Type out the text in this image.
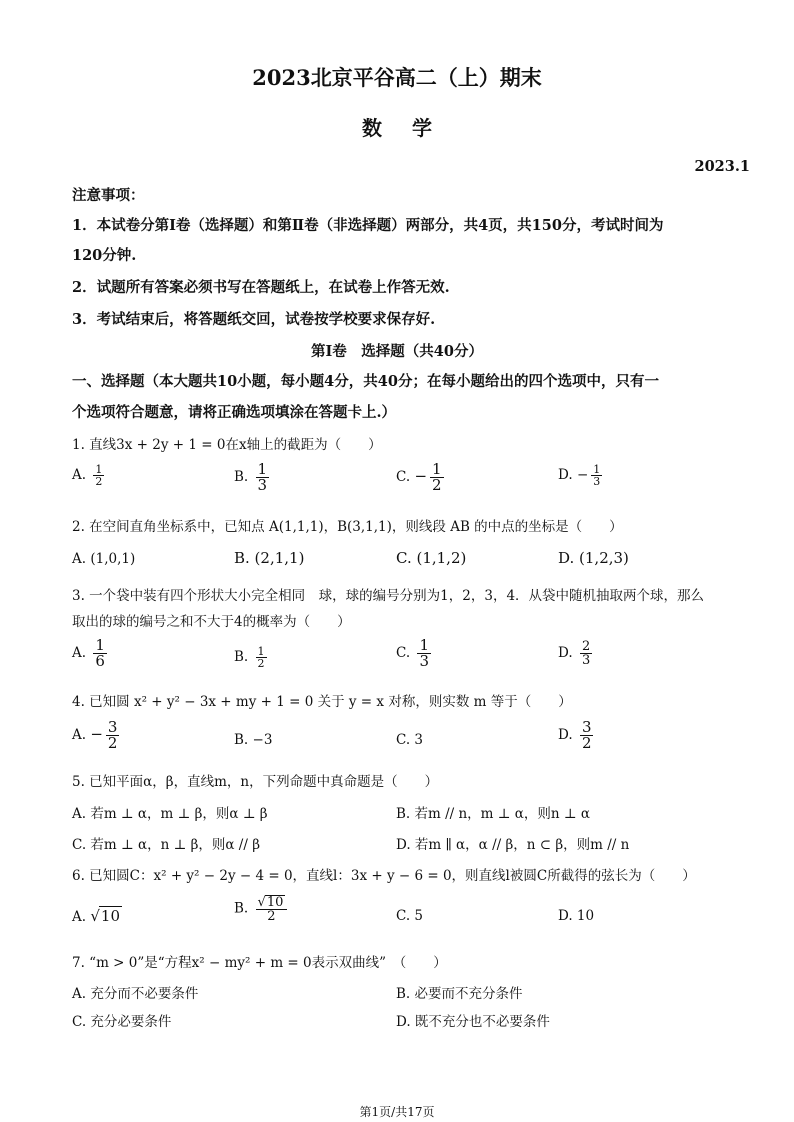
2023北京平谷高二（上）期末
数学
2023.1
注意事项：
1．本试卷分第Ⅰ卷（选择题）和第Ⅱ卷（非选择题）两部分，共4页，共150分，考试时间为
120分钟.
2．试题所有答案必须书写在答题纸上，在试卷上作答无效.
3．考试结束后，将答题纸交回，试卷按学校要求保存好.
第Ⅰ卷　选择题（共40分）
一、选择题（本大题共10小题，每小题4分，共40分；在每小题给出的四个选项中，只有一
个选项符合题意，请将正确选项填涂在答题卡上.）
1. 直线3x + 2y + 1 = 0在x轴上的截距为（　　）
A. $\frac{1}{2}$	B. $\frac{1}{3}$	C. − $\frac{1}{2}$	D. − $\frac{1}{3}$
2. 在空间直角坐标系中，已知点 A(1,1,1)，B(3,1,1)，则线段 AB 的中点的坐标是（　　）
A. (1,0,1)	B. (2,1,1)	C. (1,1,2)	D. (1,2,3)
3. 一个袋中装有四个形状大小完全相同　球，球的编号分别为1，2，3，4．从袋中随机抽取两个球，那么
取出的球的编号之和不大于4的概率为（　　）
A. $\frac{1}{6}$	B. $\frac{1}{2}$	C. $\frac{1}{3}$	D. $\frac{2}{3}$
4. 已知圆 x² + y² − 3x + my + 1 = 0 关于 y = x 对称，则实数 m 等于（　　）
A. − $\frac{3}{2}$	B. −3	C. 3	D. $\frac{3}{2}$
5. 已知平面α，β，直线m，n，下列命题中真命题是（　　）
A. 若m ⊥ α，m ⊥ β，则α ⊥ β	B. 若m // n，m ⊥ α，则n ⊥ α
C. 若m ⊥ α，n ⊥ β，则α // β	D. 若m ∥ α，α // β，n ⊂ β，则m // n
6. 已知圆C：x² + y² − 2y − 4 = 0，直线l：3x + y − 6 = 0，则直线l被圆C所截得的弦长为（　　）
A. √10	B. $\frac{√10}{2}$	C. 5	D. 10
7. “m > 0”是“方程x² − my² + m = 0表示双曲线”　（　　）
A. 充分而不必要条件	B. 必要而不充分条件
C. 充分必要条件	D. 既不充分也不必要条件
第1页/共17页
